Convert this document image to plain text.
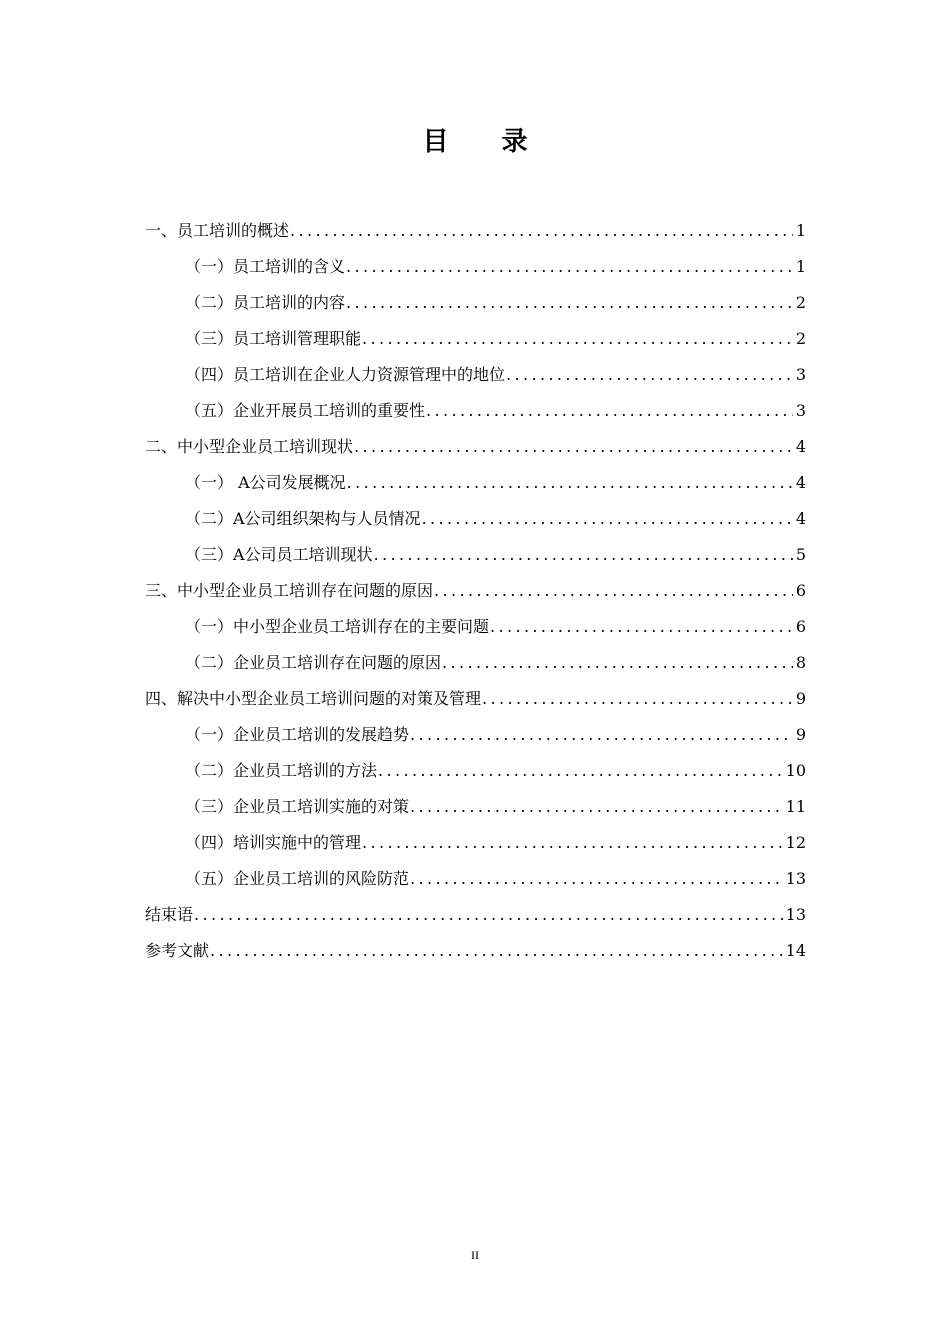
目 录
一、员工培训的概述 .....	1
（一）员工培训的含义 .....	1
（二）员工培训的内容 .....	2
（三）员工培训管理职能 .....	2
（四）员工培训在企业人力资源管理中的地位 .....	3
（五）企业开展员工培训的重要性 .....	3
二、中小型企业员工培训现状 .....	4
（一） A公司发展概况 .....	4
（二）A公司组织架构与人员情况 .....	4
（三）A公司员工培训现状 .....	5
三、中小型企业员工培训存在问题的原因 .....	6
（一）中小型企业员工培训存在的主要问题 .....	6
（二）企业员工培训存在问题的原因 .....	8
四、解决中小型企业员工培训问题的对策及管理 .....	9
（一）企业员工培训的发展趋势 .....	9
（二）企业员工培训的方法 .....	10
（三）企业员工培训实施的对策 .....	11
（四）培训实施中的管理 .....	12
（五）企业员工培训的风险防范 .....	13
结束语 .....	13
参考文献 .....	14
II
